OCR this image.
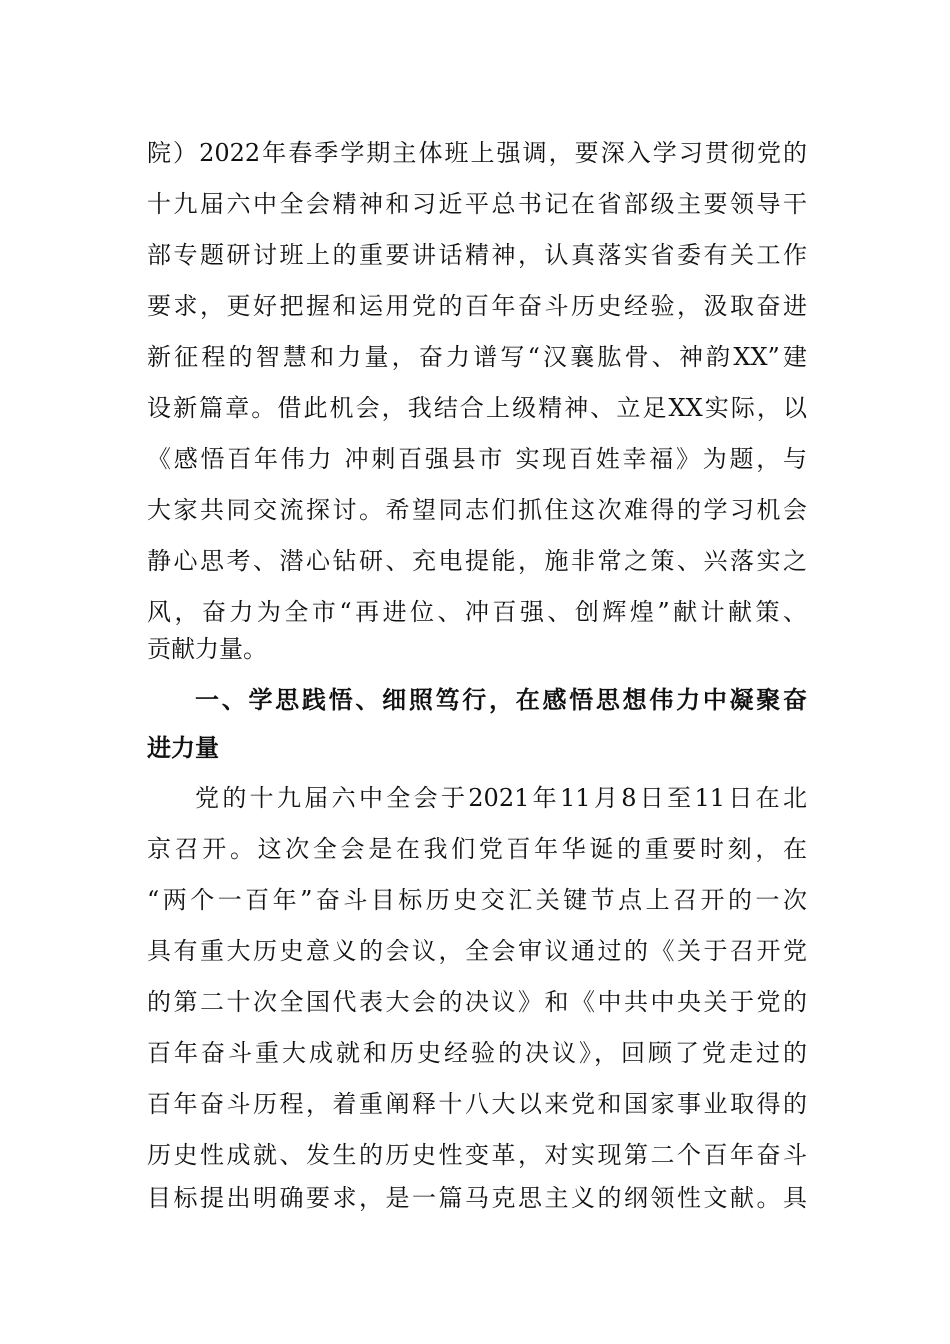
院）2022年春季学期主体班上强调，要深入学习贯彻党的
十九届六中全会精神和习近平总书记在省部级主要领导干
部专题研讨班上的重要讲话精神，认真落实省委有关工作
要求，更好把握和运用党的百年奋斗历史经验，汲取奋进
新征程的智慧和力量，奋力谱写“汉襄肱骨、神韵XX”建
设新篇章。借此机会，我结合上级精神、立足XX实际，以
《感悟百年伟力 冲刺百强县市 实现百姓幸福》为题，与
大家共同交流探讨。希望同志们抓住这次难得的学习机会
静心思考、潜心钻研、充电提能，施非常之策、兴落实之
风，奋力为全市“再进位、冲百强、创辉煌”献计献策、
贡献力量。
一、学思践悟、细照笃行，在感悟思想伟力中凝聚奋
进力量
党的十九届六中全会于2021年11月8日至11日在北
京召开。这次全会是在我们党百年华诞的重要时刻，在
“两个一百年”奋斗目标历史交汇关键节点上召开的一次
具有重大历史意义的会议，全会审议通过的《关于召开党
的第二十次全国代表大会的决议》和《中共中央关于党的
百年奋斗重大成就和历史经验的决议》，回顾了党走过的
百年奋斗历程，着重阐释十八大以来党和国家事业取得的
历史性成就、发生的历史性变革，对实现第二个百年奋斗
目标提出明确要求，是一篇马克思主义的纲领性文献。具
